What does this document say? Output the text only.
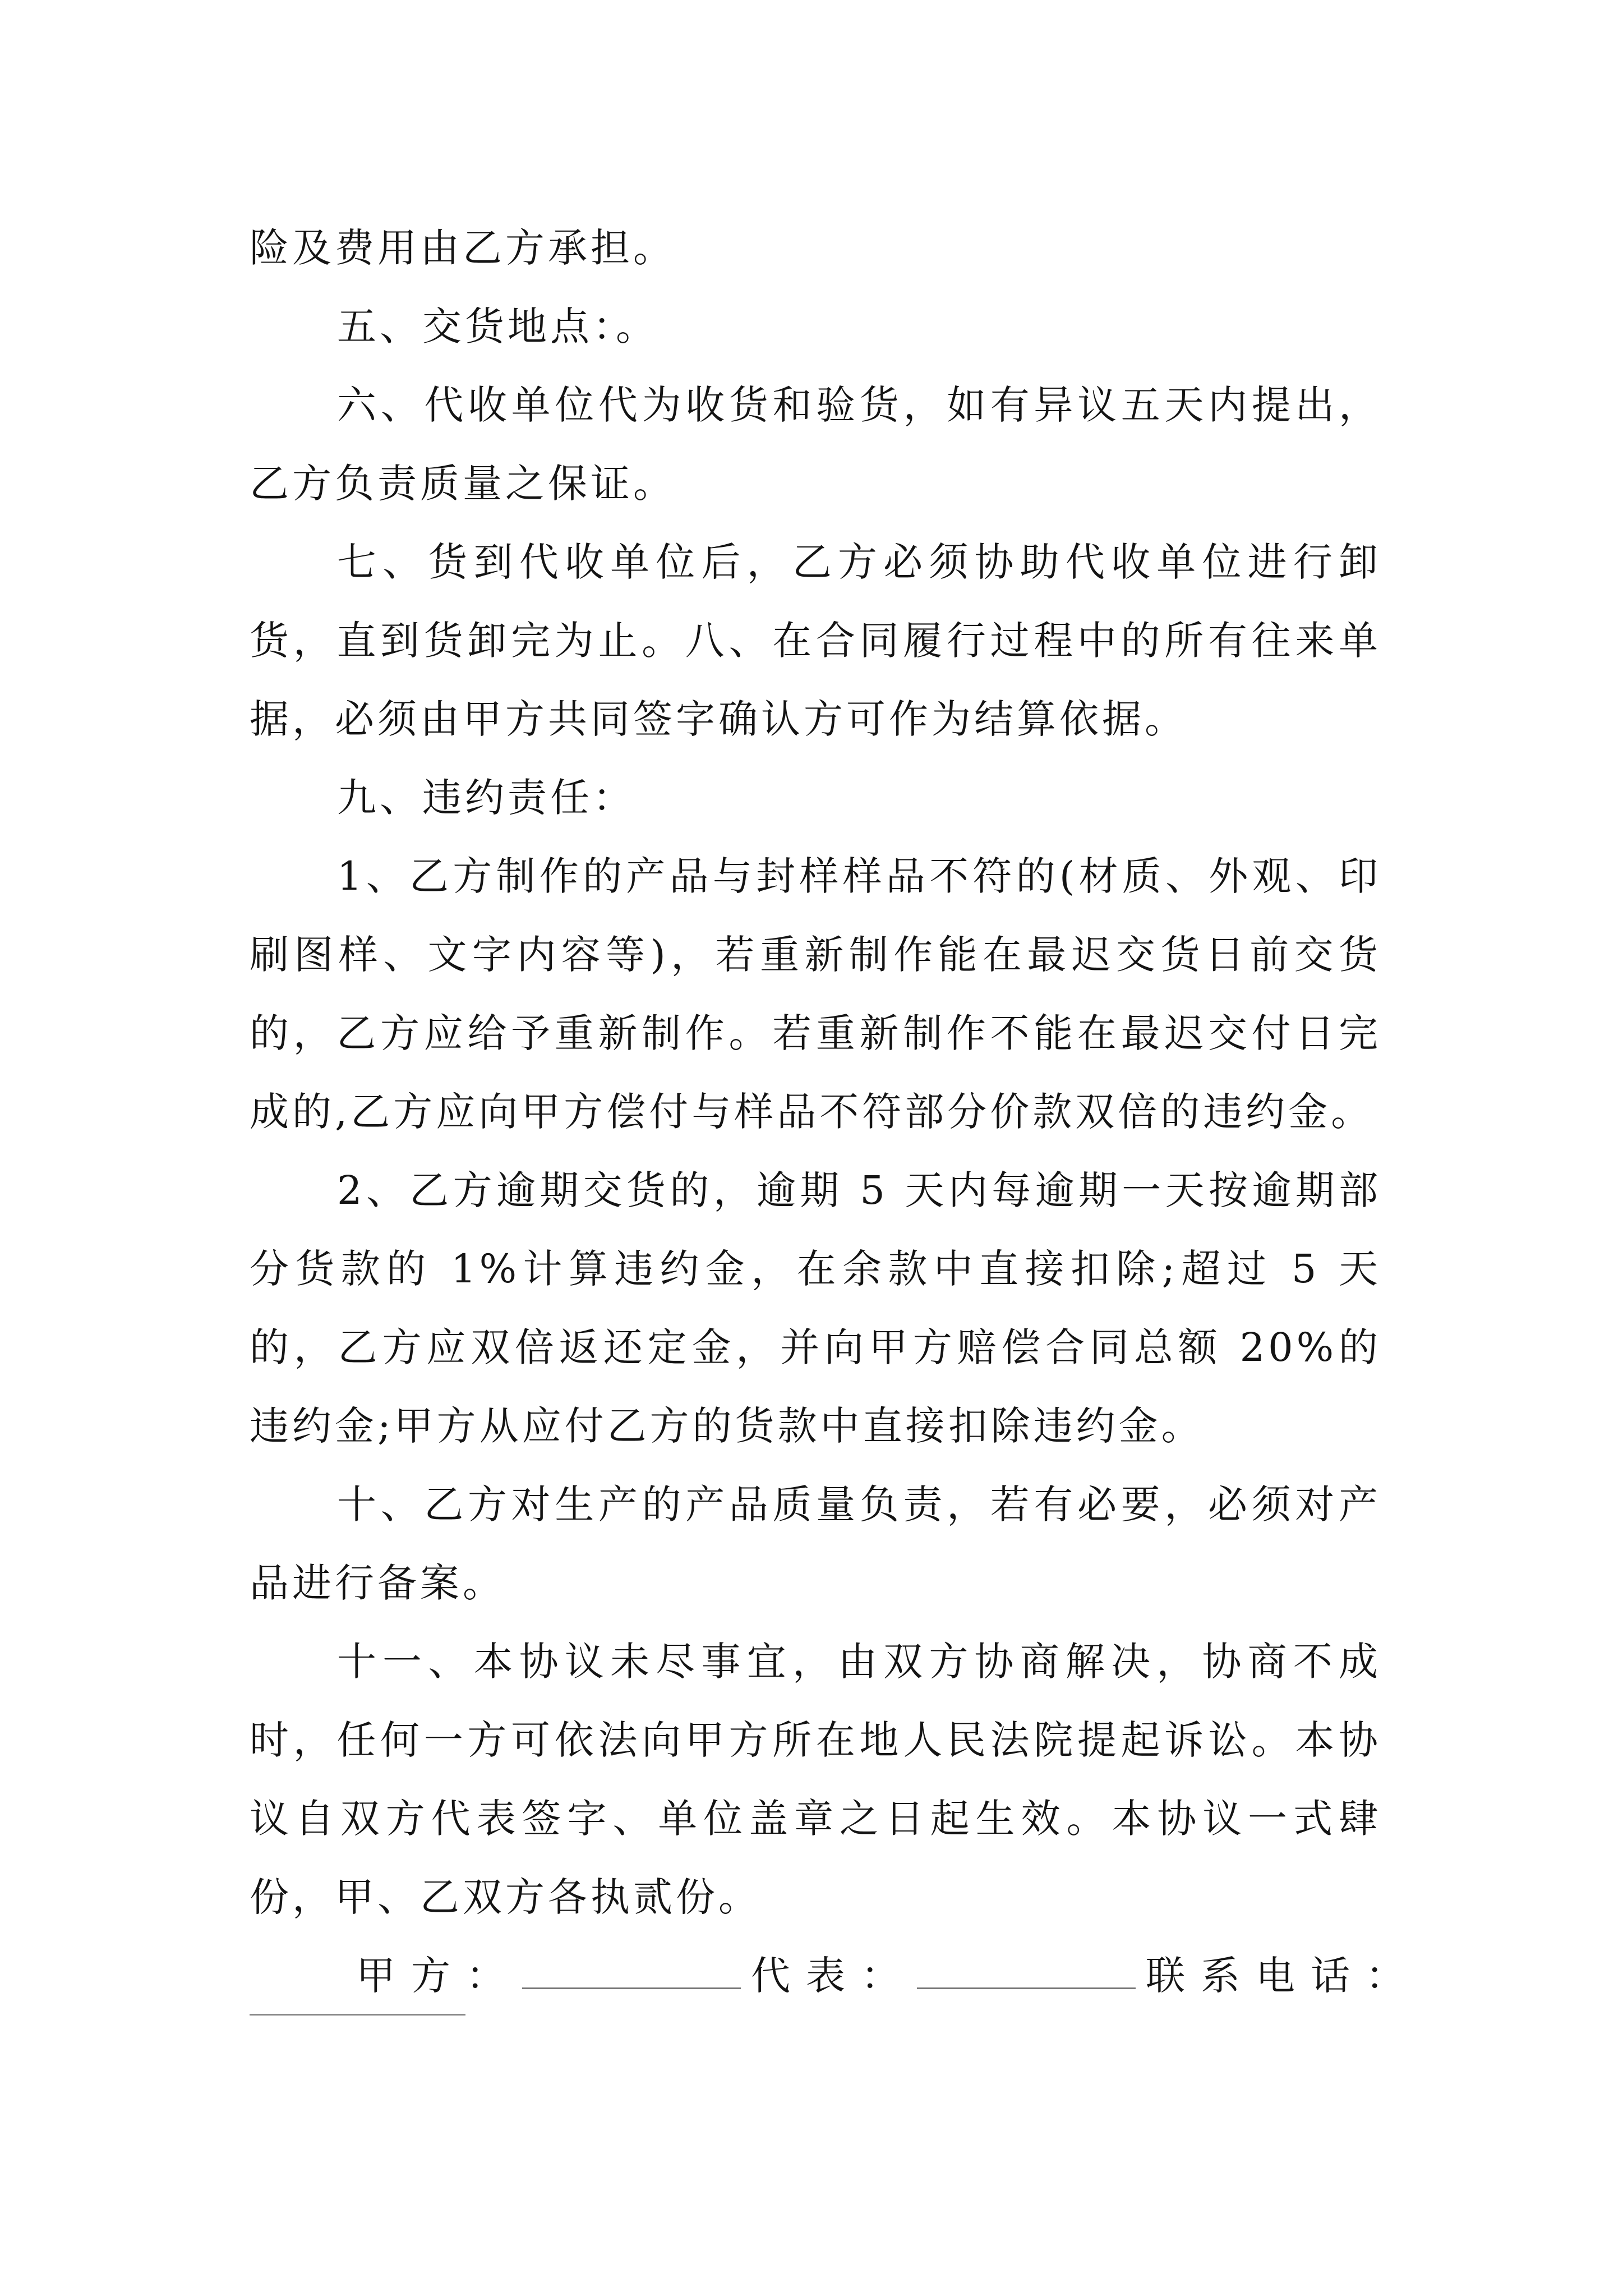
险及费用由乙方承担。

五、交货地点：。

六、代收单位代为收货和验货，如有异议五天内提出，乙方负责质量之保证。

七、货到代收单位后，乙方必须协助代收单位进行卸货，直到货卸完为止。八、在合同履行过程中的所有往来单据，必须由甲方共同签字确认方可作为结算依据。

九、违约责任：

1、乙方制作的产品与封样样品不符的(材质、外观、印刷图样、文字内容等)，若重新制作能在最迟交货日前交货的，乙方应给予重新制作。若重新制作不能在最迟交付日完成的,乙方应向甲方偿付与样品不符部分价款双倍的违约金。

2、乙方逾期交货的，逾期 5 天内每逾期一天按逾期部分货款的 1%计算违约金，在余款中直接扣除;超过 5 天的，乙方应双倍返还定金，并向甲方赔偿合同总额 20%的违约金;甲方从应付乙方的货款中直接扣除违约金。

十、乙方对生产的产品质量负责，若有必要，必须对产品进行备案。

十一、本协议未尽事宜，由双方协商解决，协商不成时，任何一方可依法向甲方所在地人民法院提起诉讼。本协议自双方代表签字、单位盖章之日起生效。本协议一式肆份，甲、乙双方各执贰份。

甲方：	代表：	联系电话：
